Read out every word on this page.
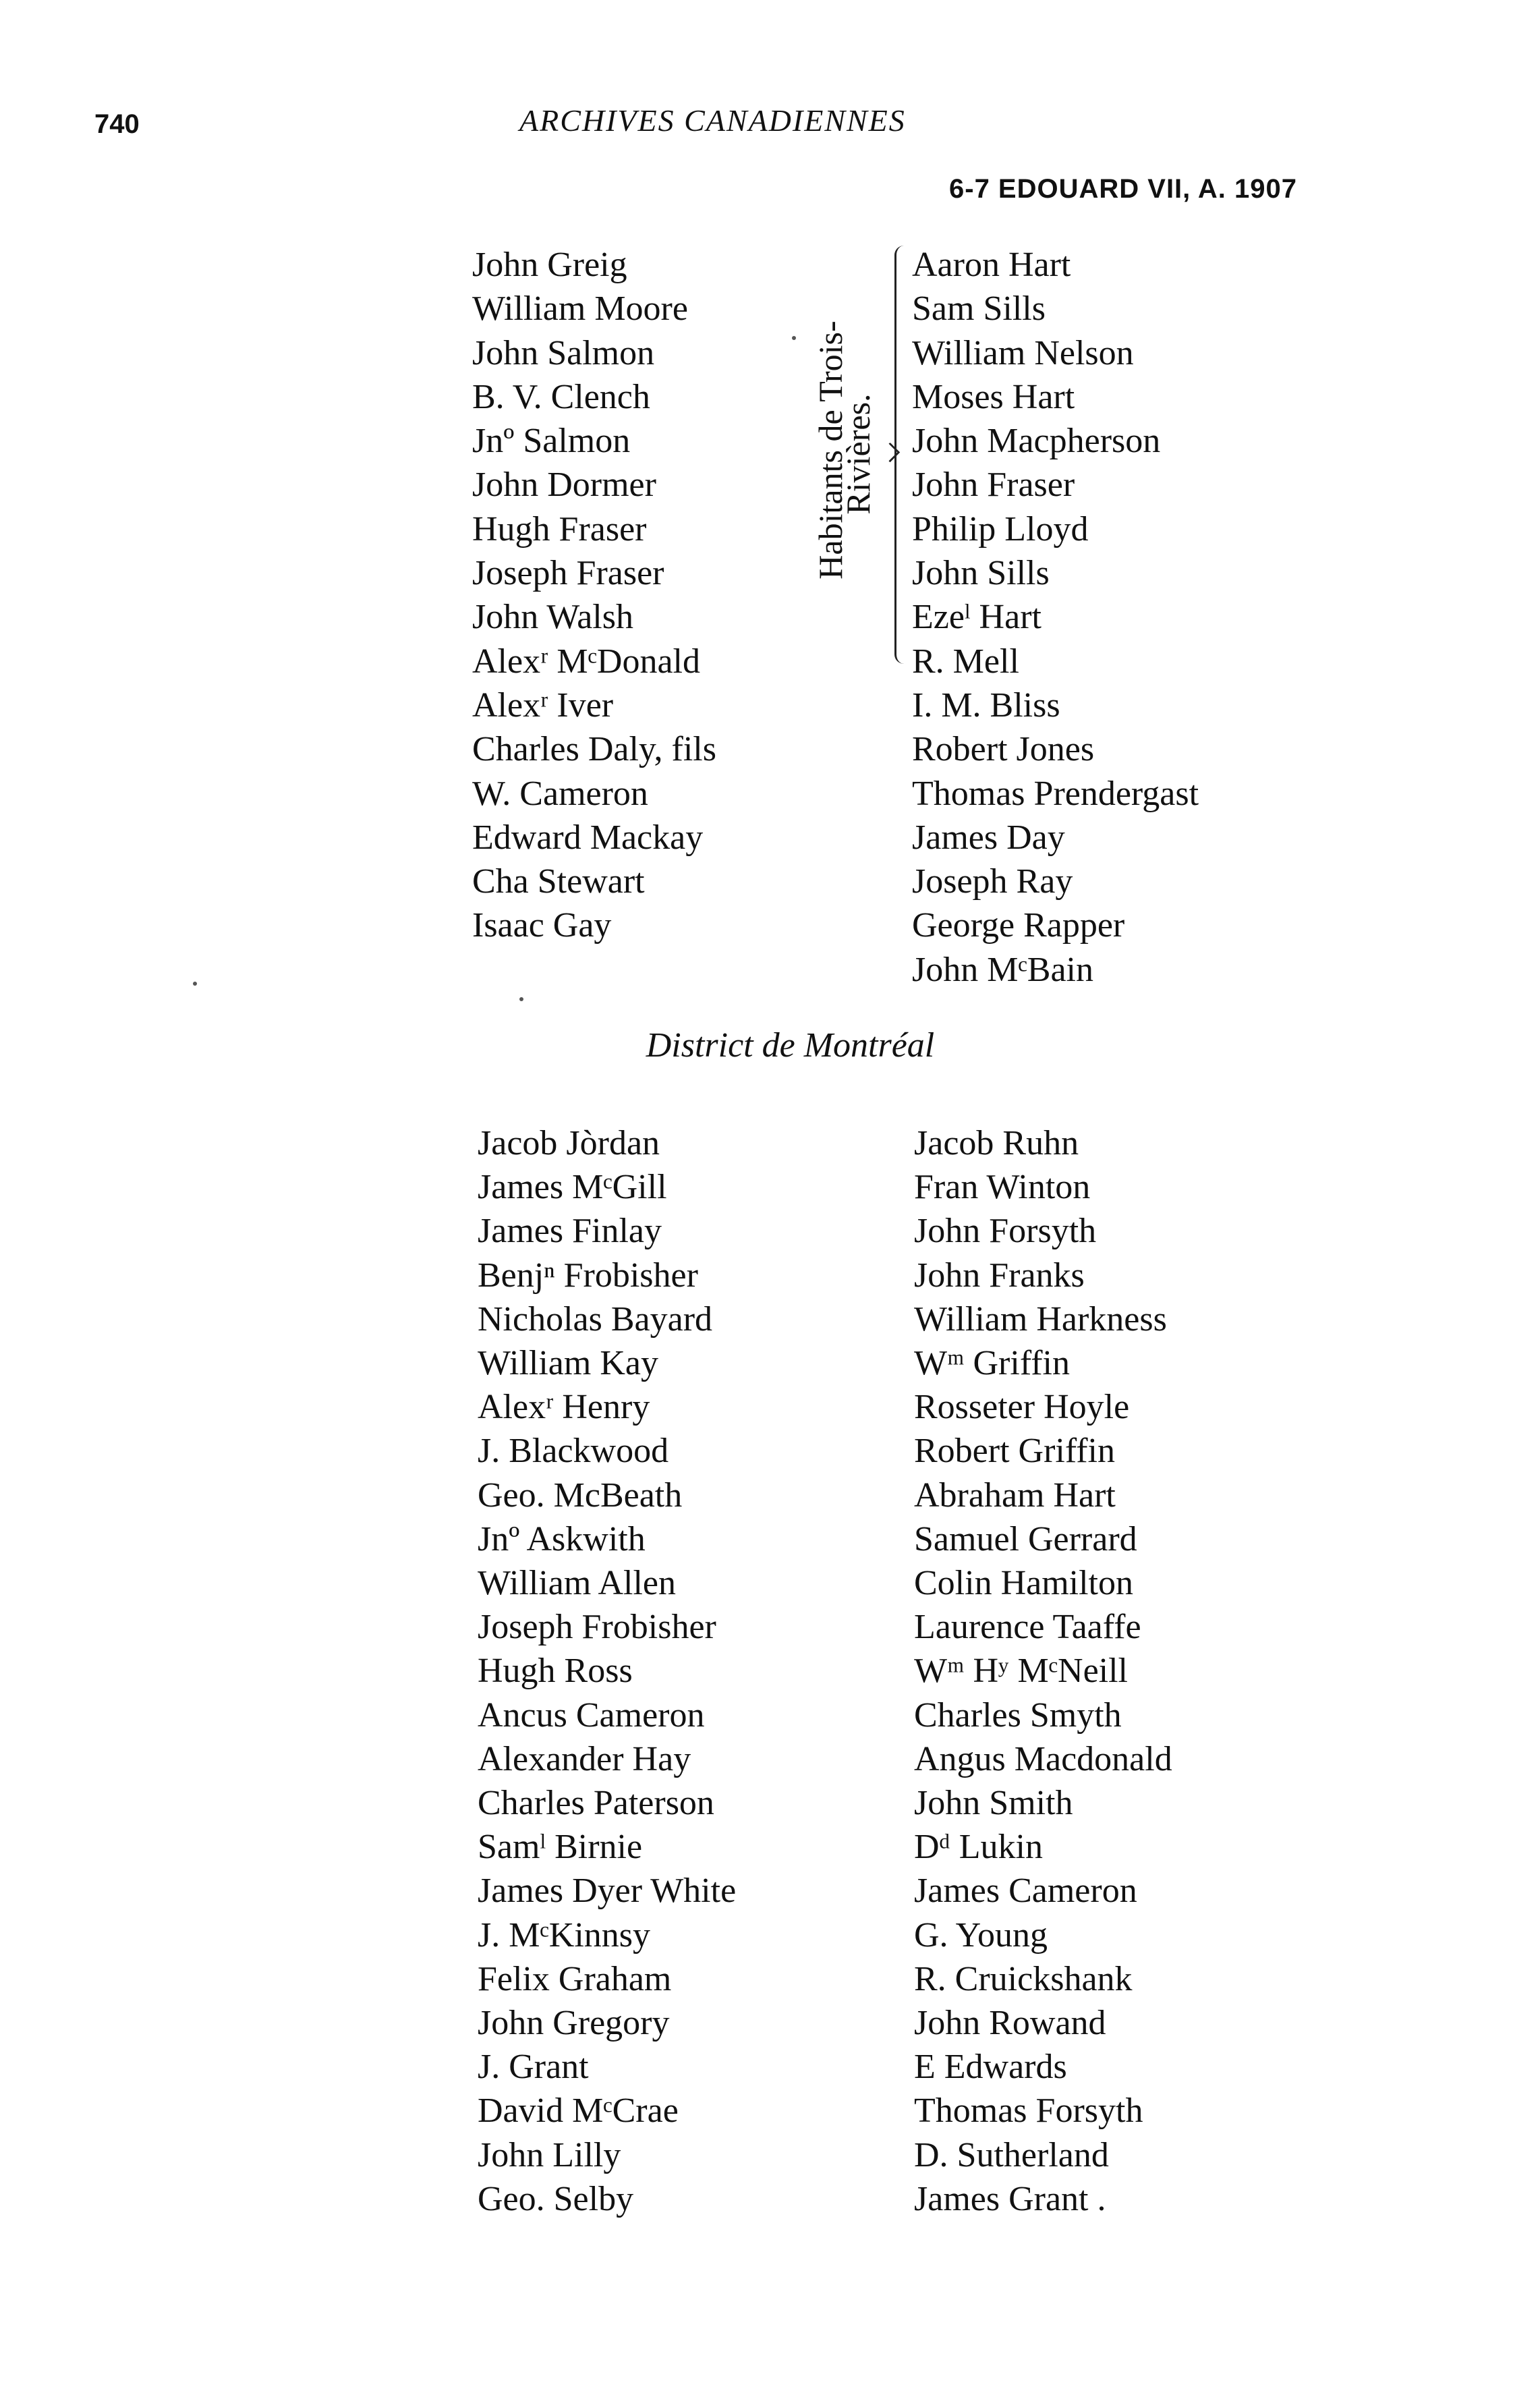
740	ARCHIVES CANADIENNES
6-7 EDOUARD VII, A. 1907
John Greig
William Moore
John Salmon
B. V. Clench
Jnº Salmon
John Dormer
Hugh Fraser
Joseph Fraser
John Walsh
Alexʳ MᶜDonald
Alexʳ Iver
Charles Daly, fils
W. Cameron
Edward Mackay
Cha Stewart
Isaac Gay
Habitants de Trois-
Rivières.
Aaron Hart
Sam Sills
William Nelson
Moses Hart
John Macpherson
John Fraser
Philip Lloyd
John Sills
Ezeˡ Hart
R. Mell
I. M. Bliss
Robert Jones
Thomas Prendergast
James Day
Joseph Ray
George Rapper
John MᶜBain
District de Montréal
Jacob Jòrdan
James MᶜGill
James Finlay
Benjⁿ Frobisher
Nicholas Bayard
William Kay
Alexʳ Henry
J. Blackwood
Geo. McBeath
Jnº Askwith
William Allen
Joseph Frobisher
Hugh Ross
Ancus Cameron
Alexander Hay
Charles Paterson
Samˡ Birnie
James Dyer White
J. MᶜKinnsy
Felix Graham
John Gregory
J. Grant
David MᶜCrae
John Lilly
Geo. Selby
Jacob Ruhn
Fran Winton
John Forsyth
John Franks
William Harkness
Wᵐ Griffin
Rosseter Hoyle
Robert Griffin
Abraham Hart
Samuel Gerrard
Colin Hamilton
Laurence Taaffe
Wᵐ Hʸ MᶜNeill
Charles Smyth
Angus Macdonald
John Smith
Dᵈ Lukin
James Cameron
G. Young
R. Cruickshank
John Rowand
E Edwards
Thomas Forsyth
D. Sutherland
James Grant .
